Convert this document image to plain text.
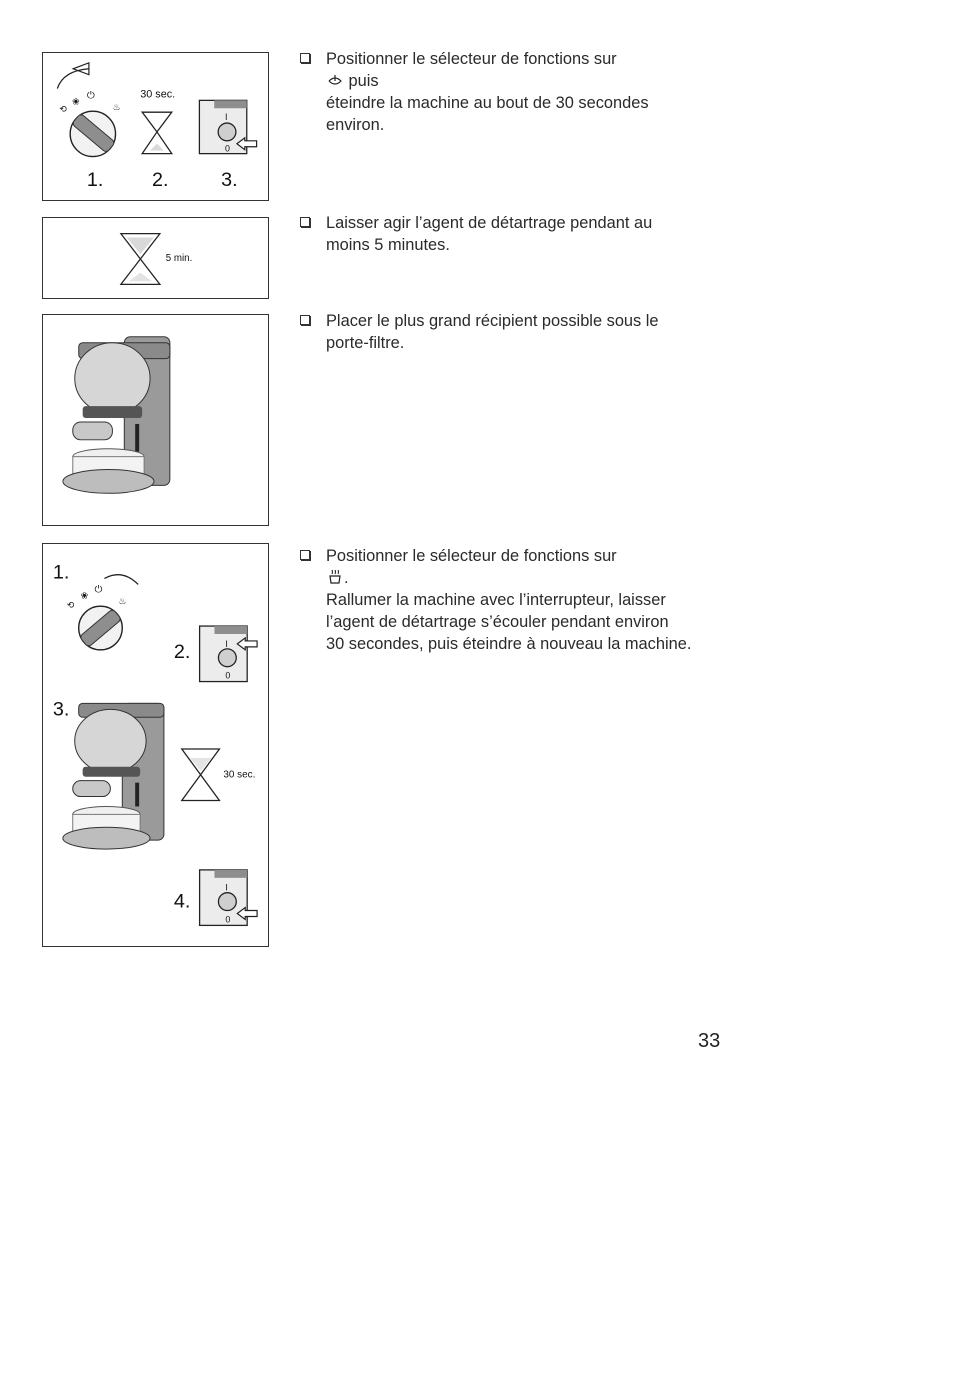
⟲
❀ ⏻
♨
30 sec.
I
0
1. 2.	3.
Positionner le sélecteur de fonctions sur
puis
éteindre la machine au bout de 30 secondes
environ.
5 min.
Laisser agir l’agent de détartrage pendant au
moins 5 minutes.
Placer le plus grand récipient possible sous le
porte-filtre.
1.
⟲
❀ ⏻
♨
2.	I
0
3.
30 sec.
4.
I
0
Positionner le sélecteur de fonctions sur
.
Rallumer la machine avec l’interrupteur, laisser
l’agent de détartrage s’écouler pendant environ
30 secondes, puis éteindre à nouveau la machine.
33
